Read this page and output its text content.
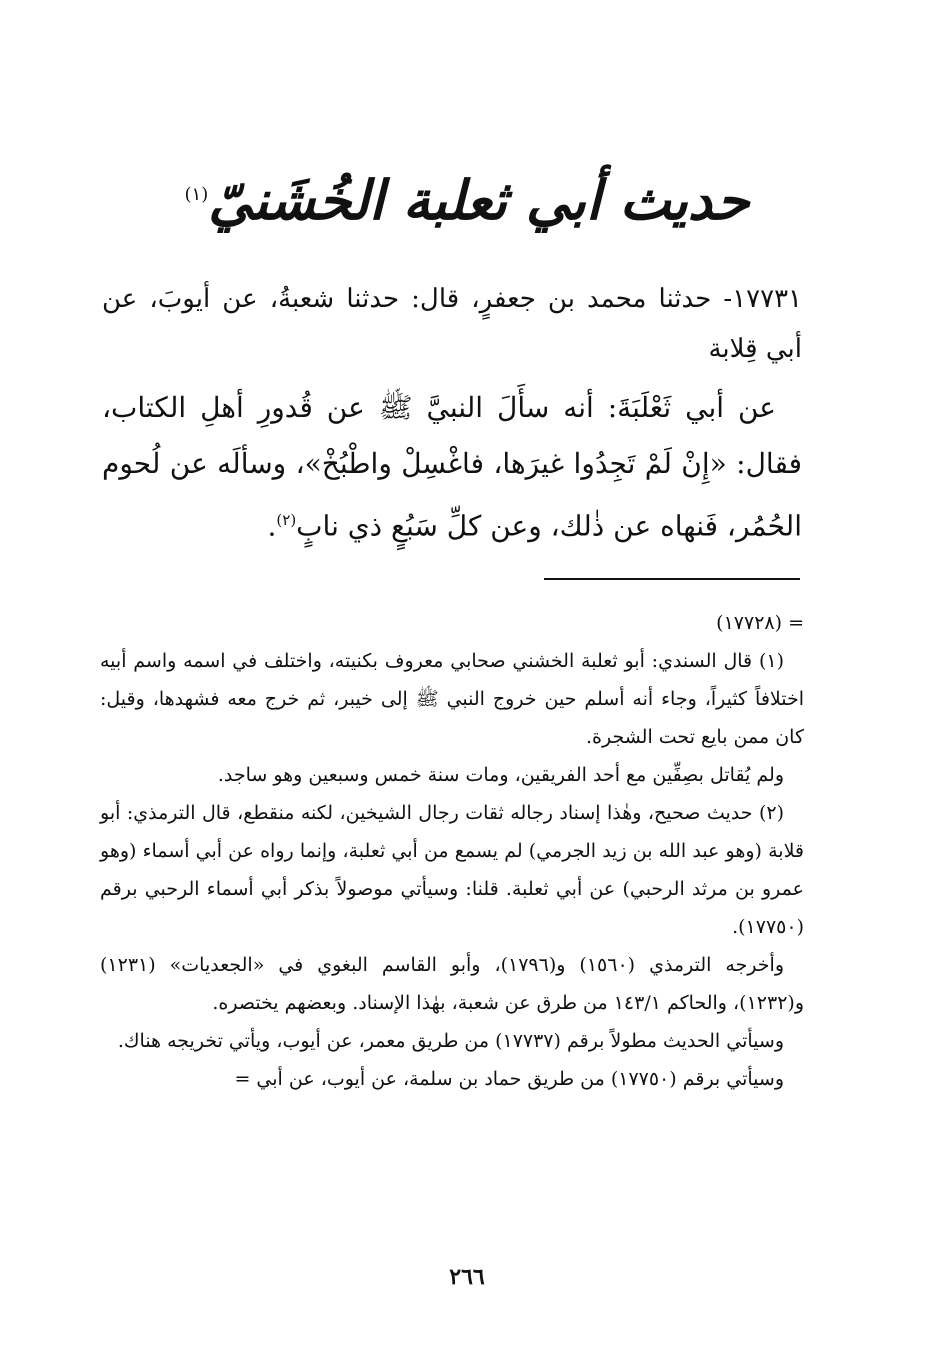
حديث أبي ثعلبة الخُشَنيّ$^{(١)}$

١٧٧٣١- حدثنا محمد بن جعفرٍ، قال: حدثنا شعبةُ، عن أيوبَ، عن أبي قِلابة

عن أبي ثَعْلَبَةَ: أنه سأَلَ النبيَّ ﷺ عن قُدورِ أهلِ الكتاب، فقال: «إِنْ لَمْ تَجِدُوا غيرَها، فاغْسِلْ واطْبُخْ»، وسألَه عن لُحوم الحُمُر، فَنهاه عن ذٰلك، وعن كلِّ سَبُعٍ ذي نابٍ$^{(٢)}$.

= (١٧٧٢٨)

(١) قال السندي: أبو ثعلبة الخشني صحابي معروف بكنيته، واختلف في اسمه واسم أبيه اختلافاً كثيراً، وجاء أنه أسلم حين خروج النبي ﷺ إلى خيبر، ثم خرج معه فشهدها، وقيل: كان ممن بايع تحت الشجرة.

ولم يُقاتل بصِفِّين مع أحد الفريقين، ومات سنة خمس وسبعين وهو ساجد.

(٢) حديث صحيح، وهٰذا إسناد رجاله ثقات رجال الشيخين، لكنه منقطع، قال الترمذي: أبو قلابة (وهو عبد الله بن زيد الجرمي) لم يسمع من أبي ثعلبة، وإنما رواه عن أبي أسماء (وهو عمرو بن مرثد الرحبي) عن أبي ثعلبة. قلنا: وسيأتي موصولاً بذكر أبي أسماء الرحبي برقم (١٧٧٥٠).

وأخرجه الترمذي (١٥٦٠) و(١٧٩٦)، وأبو القاسم البغوي في «الجعديات» (١٢٣١) و(١٢٣٢)، والحاكم ١٤٣/١ من طرق عن شعبة، بهٰذا الإسناد. وبعضهم يختصره.

وسيأتي الحديث مطولاً برقم (١٧٧٣٧) من طريق معمر، عن أيوب، ويأتي تخريجه هناك.

وسيأتي برقم (١٧٧٥٠) من طريق حماد بن سلمة، عن أيوب، عن أبي =

٢٦٦
